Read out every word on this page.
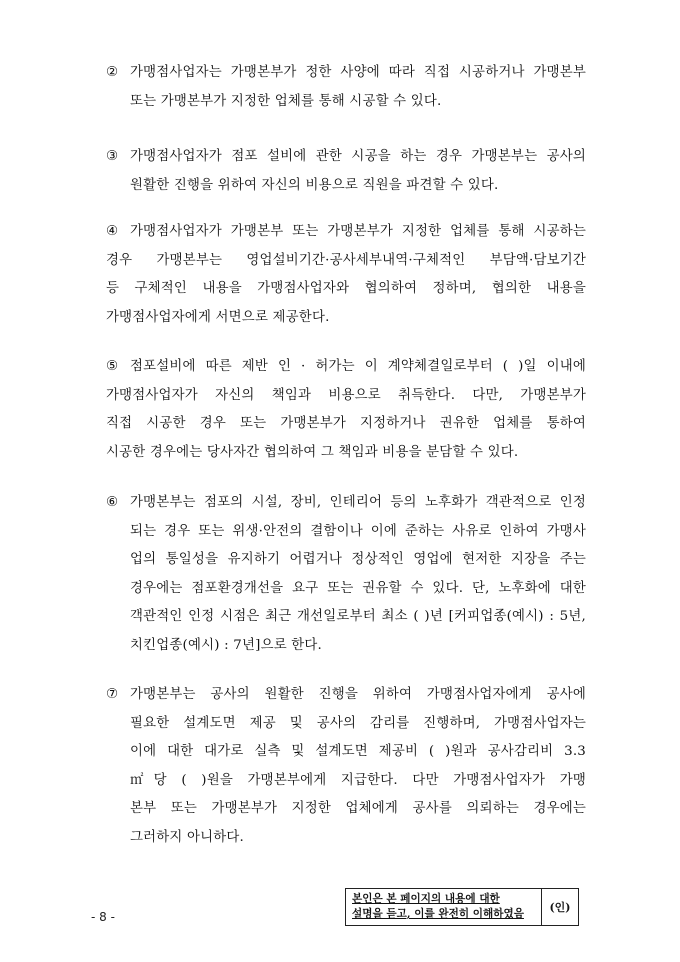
② 가맹점사업자는 가맹본부가 정한 사양에 따라 직접 시공하거나 가맹본부
또는 가맹본부가 지정한 업체를 통해 시공할 수 있다.
③ 가맹점사업자가 점포 설비에 관한 시공을 하는 경우 가맹본부는 공사의
원활한 진행을 위하여 자신의 비용으로 직원을 파견할 수 있다.
④ 가맹점사업자가 가맹본부 또는 가맹본부가 지정한 업체를 통해 시공하는
경우 가맹본부는 영업설비기간·공사세부내역·구체적인 부담액·담보기간
등 구체적인 내용을 가맹점사업자와 협의하여 정하며, 협의한 내용을
가맹점사업자에게 서면으로 제공한다.
⑤ 점포설비에 따른 제반 인 · 허가는 이 계약체결일로부터 ( )일 이내에
가맹점사업자가 자신의 책임과 비용으로 취득한다. 다만, 가맹본부가
직접 시공한 경우 또는 가맹본부가 지정하거나 권유한 업체를 통하여
시공한 경우에는 당사자간 협의하여 그 책임과 비용을 분담할 수 있다.
⑥ 가맹본부는 점포의 시설, 장비, 인테리어 등의 노후화가 객관적으로 인정
되는 경우 또는 위생·안전의 결함이나 이에 준하는 사유로 인하여 가맹사
업의 통일성을 유지하기 어렵거나 정상적인 영업에 현저한 지장을 주는
경우에는 점포환경개선을 요구 또는 권유할 수 있다. 단, 노후화에 대한
객관적인 인정 시점은 최근 개선일로부터 최소 ( )년 [커피업종(예시) : 5년,
치킨업종(예시) : 7년]으로 한다.
⑦ 가맹본부는 공사의 원활한 진행을 위하여 가맹점사업자에게 공사에
필요한 설계도면 제공 및 공사의 감리를 진행하며, 가맹점사업자는
이에 대한 대가로 실측 및 설계도면 제공비 ( )원과 공사감리비 3.3
㎡당 ( )원을 가맹본부에게 지급한다. 다만 가맹점사업자가 가맹
본부 또는 가맹본부가 지정한 업체에게 공사를 의뢰하는 경우에는
그러하지 아니하다.
- 8 -
본인은 본 페이지의 내용에 대한
설명을 듣고, 이를 완전히 이해하였음	(인)
